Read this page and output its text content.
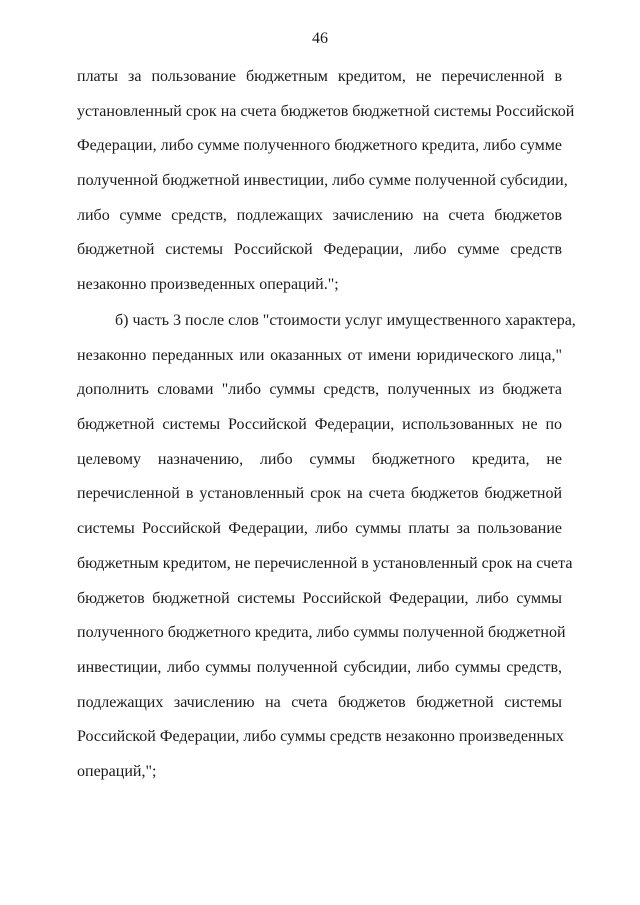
46
платы за пользование бюджетным кредитом, не перечисленной в
установленный срок на счета бюджетов бюджетной системы Российской
Федерации, либо сумме полученного бюджетного кредита, либо сумме
полученной бюджетной инвестиции, либо сумме полученной субсидии,
либо сумме средств, подлежащих зачислению на счета бюджетов
бюджетной системы Российской Федерации, либо сумме средств
незаконно произведенных операций.";
б) часть 3 после слов "стоимости услуг имущественного характера,
незаконно переданных или оказанных от имени юридического лица,"
дополнить словами "либо суммы средств, полученных из бюджета
бюджетной системы Российской Федерации, использованных не по
целевому назначению, либо суммы бюджетного кредита, не
перечисленной в установленный срок на счета бюджетов бюджетной
системы Российской Федерации, либо суммы платы за пользование
бюджетным кредитом, не перечисленной в установленный срок на счета
бюджетов бюджетной системы Российской Федерации, либо суммы
полученного бюджетного кредита, либо суммы полученной бюджетной
инвестиции, либо суммы полученной субсидии, либо суммы средств,
подлежащих зачислению на счета бюджетов бюджетной системы
Российской Федерации, либо суммы средств незаконно произведенных
операций,";
